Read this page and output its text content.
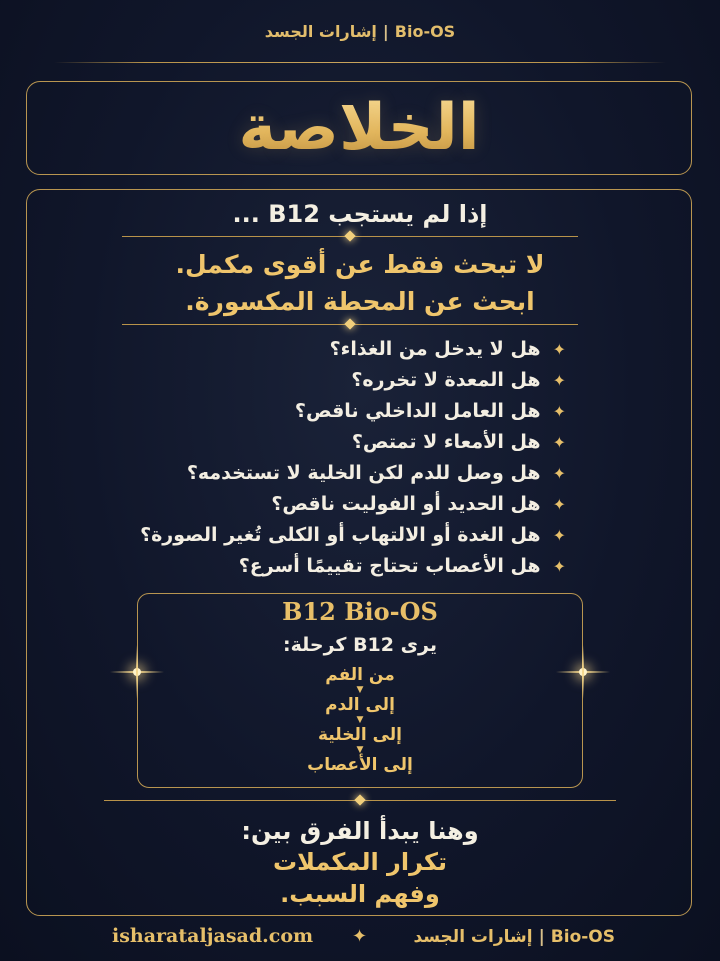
Bio-OS|إشارات الجسد
الخلاصة
إذا لم يستجب B12 ...
لا تبحث فقط عن أقوى مكمل.
ابحث عن المحطة المكسورة.
✦هل لا يدخل من الغذاء؟
✦هل المعدة لا تخرره؟
✦هل العامل الداخلي ناقص؟
✦هل الأمعاء لا تمتص؟
✦هل وصل للدم لكن الخلية لا تستخدمه؟
✦هل الحديد أو الفوليت ناقص؟
✦هل الغدة أو الالتهاب أو الكلى تُغير الصورة؟
✦هل الأعصاب تحتاج تقييمًا أسرع؟
B12 Bio-OS
يرى B12 كرحلة:
من الفم
▼
إلى الدم
▼
إلى الخلية
▼
إلى الأعصاب
وهنا يبدأ الفرق بين:
تكرار المكملات
وفهم السبب.
isharataljasad.com ✦	Bio-OS|إشارات الجسد
